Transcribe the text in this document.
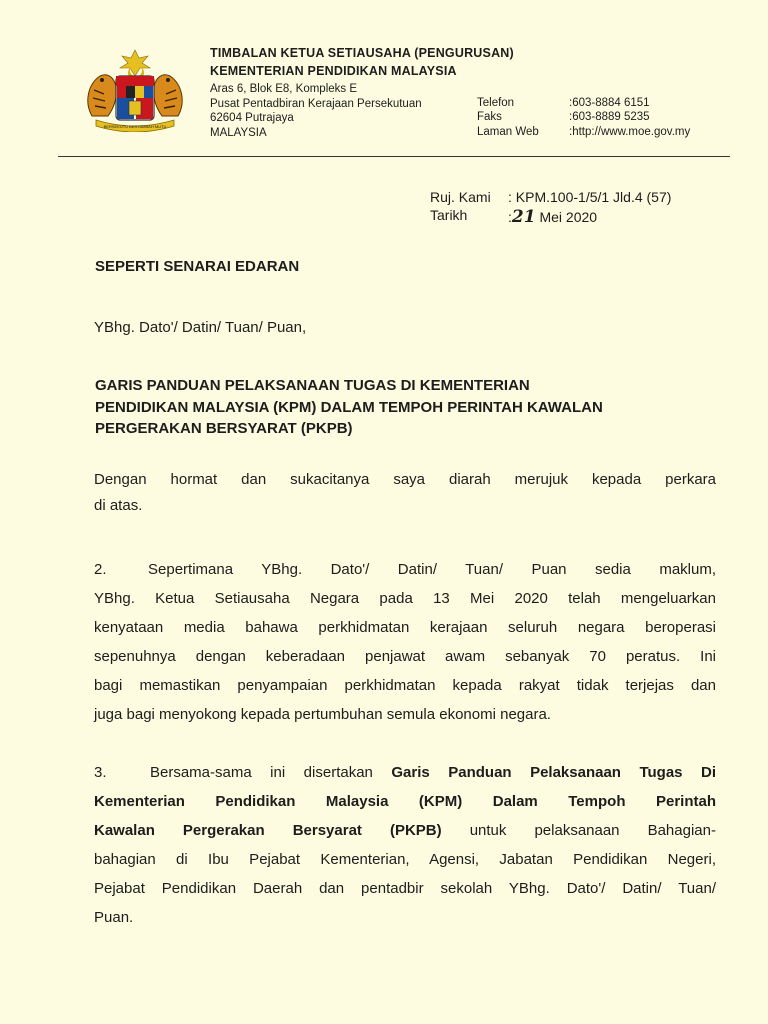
BERSEKUTU BERTAMBAH MUTU
TIMBALAN KETUA SETIAUSAHA (PENGURUSAN)
KEMENTERIAN PENDIDIKAN MALAYSIA
Aras 6, Blok E8, Kompleks E
Pusat Pentadbiran Kerajaan Persekutuan
62604 Putrajaya
MALAYSIA
Telefon	:603-8884 6151
Faks	:603-8889 5235
Laman Web	:http://www.moe.gov.my
Ruj. Kami : KPM.100-1/5/1 Jld.4 (57)
Tarikh	:21 Mei 2020
SEPERTI SENARAI EDARAN
YBhg. Dato'/ Datin/ Tuan/ Puan,
GARIS PANDUAN PELAKSANAAN TUGAS DI KEMENTERIAN
PENDIDIKAN MALAYSIA (KPM) DALAM TEMPOH PERINTAH KAWALAN
PERGERAKAN BERSYARAT (PKPB)
Dengan hormat dan sukacitanya saya diarah merujuk kepada perkara
di atas.
2.	Sepertimana YBhg. Dato'/ Datin/ Tuan/ Puan sedia maklum,
YBhg. Ketua Setiausaha Negara pada 13 Mei 2020 telah mengeluarkan
kenyataan media bahawa perkhidmatan kerajaan seluruh negara beroperasi
sepenuhnya dengan keberadaan penjawat awam sebanyak 70 peratus. Ini
bagi memastikan penyampaian perkhidmatan kepada rakyat tidak terjejas dan
juga bagi menyokong kepada pertumbuhan semula ekonomi negara.
3.	Bersama-sama ini disertakan Garis Panduan Pelaksanaan Tugas Di
Kementerian Pendidikan Malaysia (KPM) Dalam Tempoh Perintah
Kawalan Pergerakan Bersyarat (PKPB) untuk pelaksanaan Bahagian-
bahagian di Ibu Pejabat Kementerian, Agensi, Jabatan Pendidikan Negeri,
Pejabat Pendidikan Daerah dan pentadbir sekolah YBhg. Dato'/ Datin/ Tuan/
Puan.
